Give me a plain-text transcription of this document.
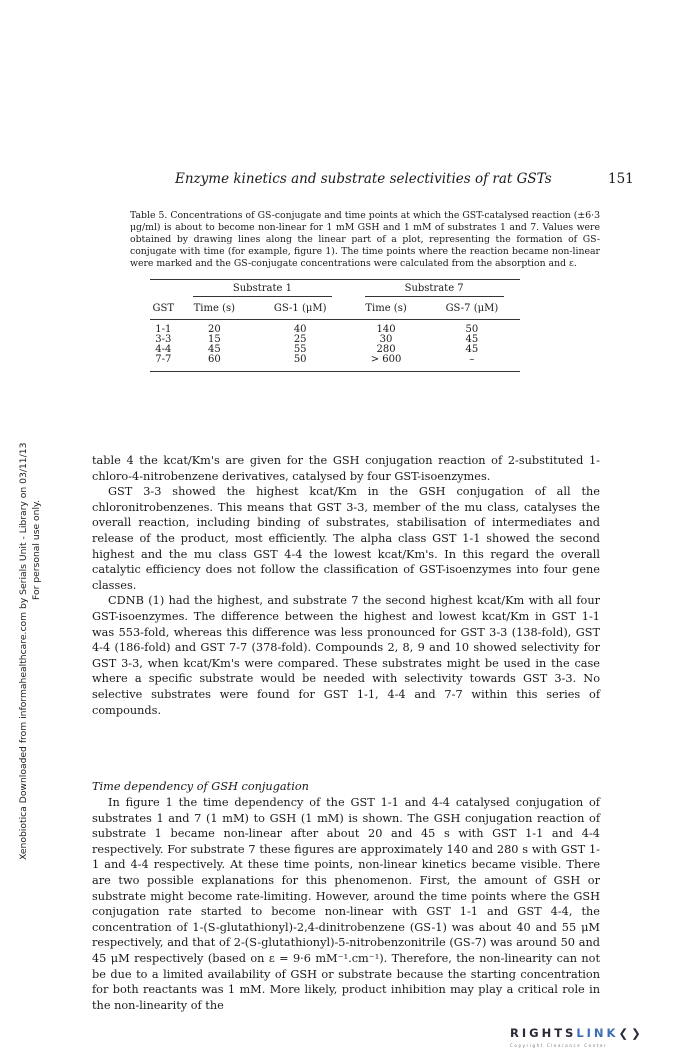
Enzyme kinetics and substrate selectivities of rat GSTs	151
Xenobiotica Downloaded from informahealthcare.com by Serials Unit - Library on 03/11/13 For personal use only.
Table 5. Concentrations of GS-conjugate and time points at which the GST-catalysed reaction (±6·3 μg/ml) is about to become non-linear for 1 mM GSH and 1 mM of substrates 1 and 7. Values were obtained by drawing lines along the linear part of a plot, representing the formation of GS-conjugate with time (for example, figure 1). The time points where the reaction became non-linear were marked and the GS-conjugate concentrations were calculated from the absorption and ε.

	Substrate 1		Substrate 7	
GST	Time (s)	GS-1 (μM)	Time (s)	GS-7 (μM)

1-1	20	40	140	50
3-3	15	25	30	45
4-4	45	55	280	45
7-7	60	50	> 600	–

table 4 the kcat/Km's are given for the GSH conjugation reaction of 2-substituted 1-chloro-4-nitrobenzene derivatives, catalysed by four GST-isoenzymes.

GST 3-3 showed the highest kcat/Km in the GSH conjugation of all the chloronitrobenzenes. This means that GST 3-3, member of the mu class, catalyses the overall reaction, including binding of substrates, stabilisation of intermediates and release of the product, most efficiently. The alpha class GST 1-1 showed the second highest and the mu class GST 4-4 the lowest kcat/Km's. In this regard the overall catalytic efficiency does not follow the classification of GST-isoenzymes into four gene classes.

CDNB (1) had the highest, and substrate 7 the second highest kcat/Km with all four GST-isoenzymes. The difference between the highest and lowest kcat/Km in GST 1-1 was 553-fold, whereas this difference was less pronounced for GST 3-3 (138-fold), GST 4-4 (186-fold) and GST 7-7 (378-fold). Compounds 2, 8, 9 and 10 showed selectivity for GST 3-3, when kcat/Km's were compared. These substrates might be used in the case where a specific substrate would be needed with selectivity towards GST 3-3. No selective substrates were found for GST 1-1, 4-4 and 7-7 within this series of compounds.

Time dependency of GSH conjugation

In figure 1 the time dependency of the GST 1-1 and 4-4 catalysed conjugation of substrates 1 and 7 (1 mM) to GSH (1 mM) is shown. The GSH conjugation reaction of substrate 1 became non-linear after about 20 and 45 s with GST 1-1 and 4-4 respectively. For substrate 7 these figures are approximately 140 and 280 s with GST 1-1 and 4-4 respectively. At these time points, non-linear kinetics became visible. There are two possible explanations for this phenomenon. First, the amount of GSH or substrate might become rate-limiting. However, around the time points where the GSH conjugation rate started to become non-linear with GST 1-1 and GST 4-4, the concentration of 1-(S-glutathionyl)-2,4-dinitrobenzene (GS-1) was about 40 and 55 μM respectively, and that of 2-(S-glutathionyl)-5-nitrobenzonitrile (GS-7) was around 50 and 45 μM respectively (based on ε = 9·6 mM⁻¹.cm⁻¹). Therefore, the non-linearity can not be due to a limited availability of GSH or substrate because the starting concentration for both reactants was 1 mM. More likely, product inhibition may play a critical role in the non-linearity of the

RIGHTSLINK❮❯
Copyright Clearance Center
